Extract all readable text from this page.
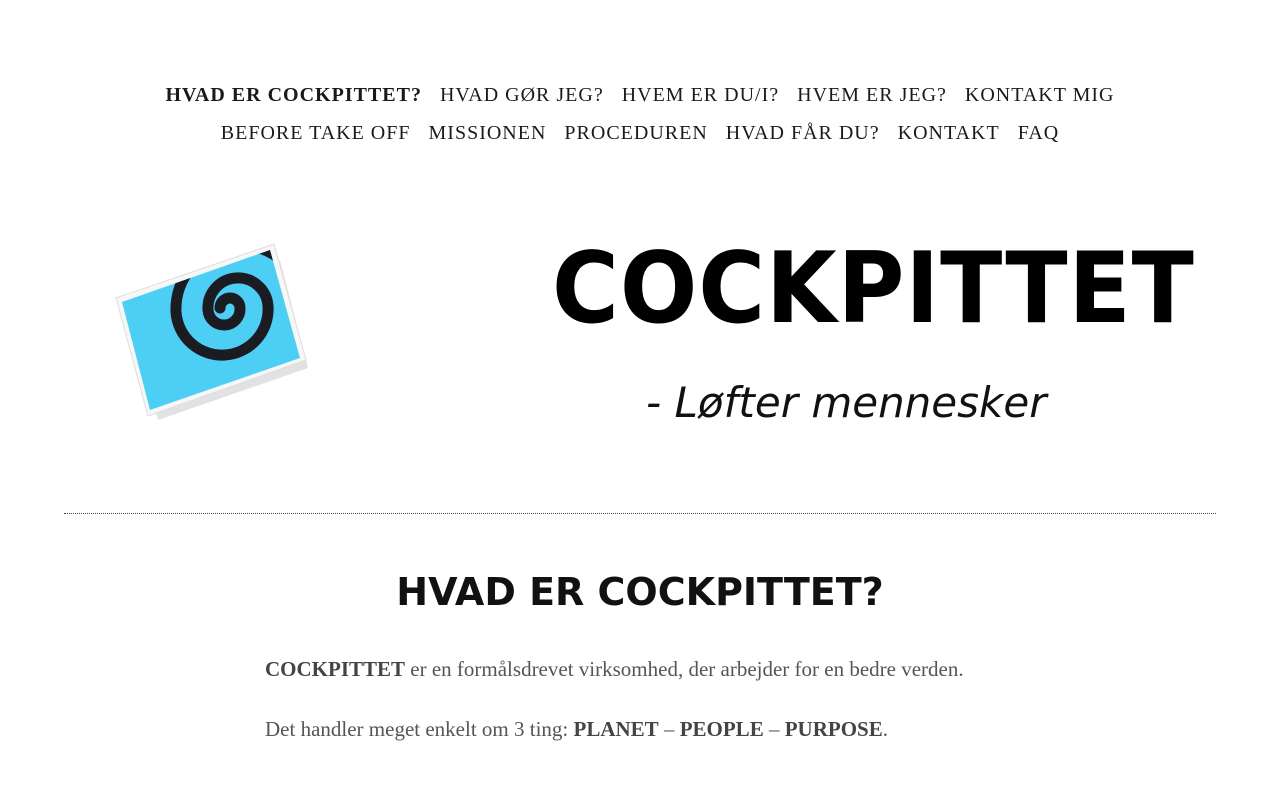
HVAD ER COCKPITTET? HVAD GØR JEG? HVEM ER DU/I? HVEM ER JEG? KONTAKT MIG
BEFORE TAKE OFF MISSIONEN PROCEDUREN HVAD FÅR DU? KONTAKT FAQ
COCKPITTET
- Løfter mennesker
HVAD ER COCKPITTET?

COCKPITTET er en formålsdrevet virksomhed, der arbejder for en bedre verden.

Det handler meget enkelt om 3 ting: PLANET – PEOPLE – PURPOSE.
